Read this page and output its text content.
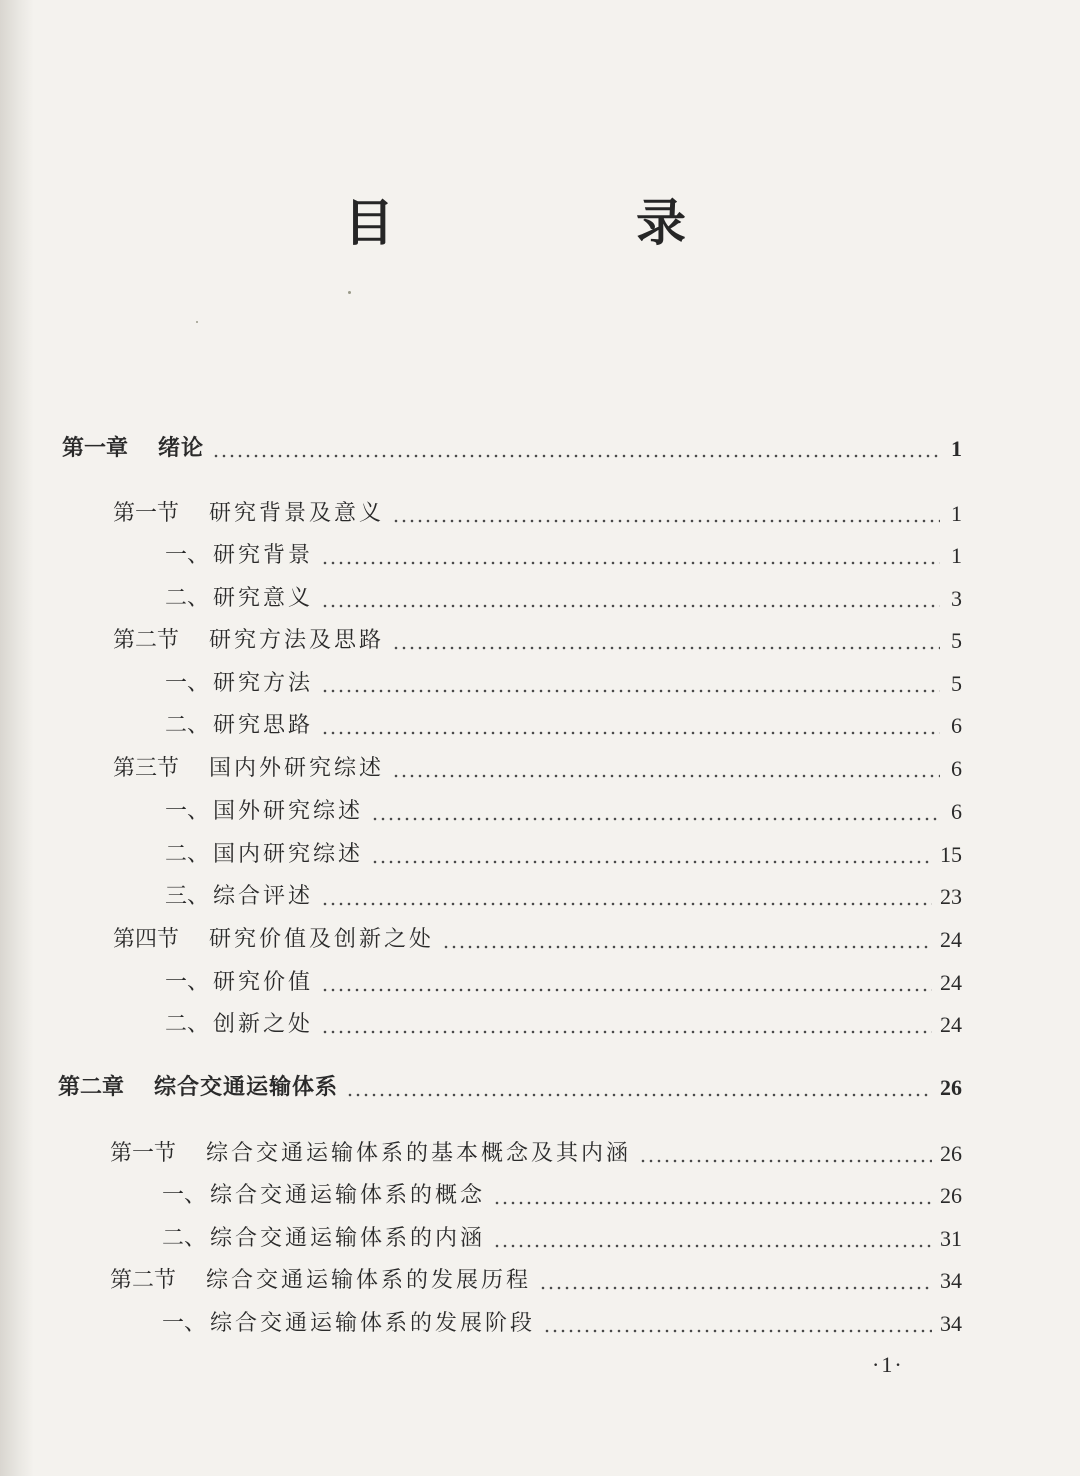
目　录
第一章 绪论	1
第一节 研究背景及意义	1
一、 研究背景	1
二、 研究意义	3
第二节 研究方法及思路	5
一、 研究方法	5
二、 研究思路	6
第三节 国内外研究综述	6
一、 国外研究综述	6
二、 国内研究综述	15
三、 综合评述	23
第四节 研究价值及创新之处	24
一、 研究价值	24
二、 创新之处	24
第二章 综合交通运输体系	26
第一节 综合交通运输体系的基本概念及其内涵	26
一、 综合交通运输体系的概念	26
二、 综合交通运输体系的内涵	31
第二节 综合交通运输体系的发展历程	34
一、 综合交通运输体系的发展阶段	34
·1·
